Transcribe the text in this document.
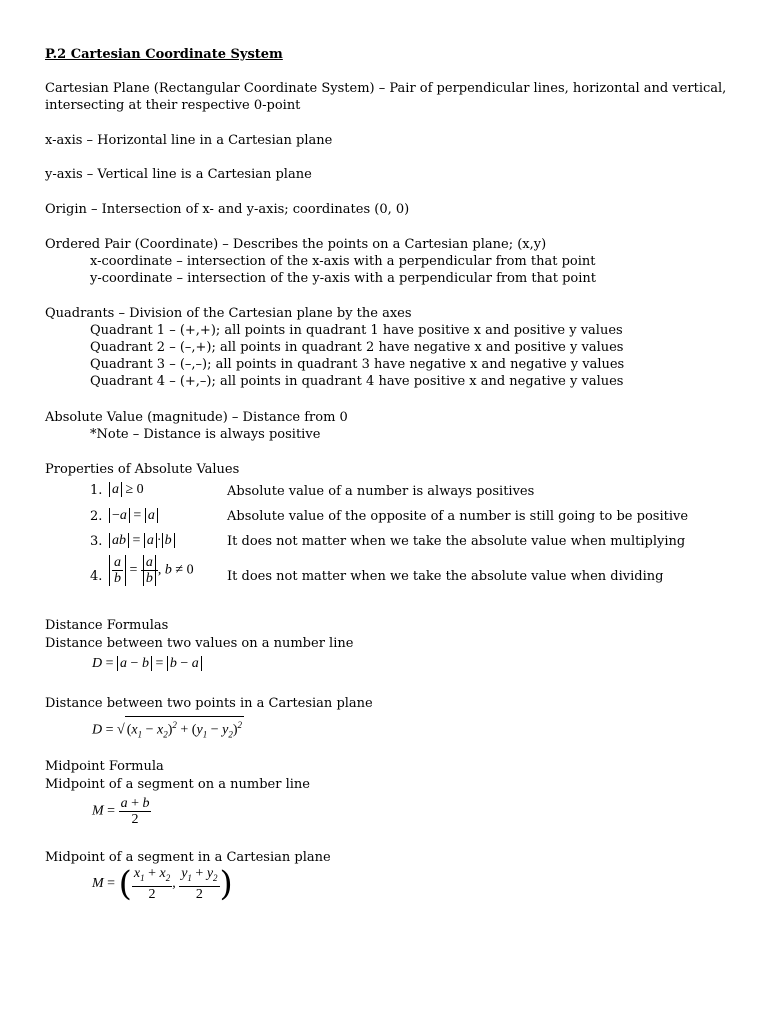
P.2 Cartesian Coordinate System
Cartesian Plane (Rectangular Coordinate System) – Pair of perpendicular lines, horizontal and vertical,
intersecting at their respective 0-point
x-axis – Horizontal line in a Cartesian plane
y-axis – Vertical line is a Cartesian plane
Origin – Intersection of x- and y-axis; coordinates (0, 0)
Ordered Pair (Coordinate) – Describes the points on a Cartesian plane; (x,y)
x-coordinate – intersection of the x-axis with a perpendicular from that point
y-coordinate – intersection of the y-axis with a perpendicular from that point
Quadrants – Division of the Cartesian plane by the axes
Quadrant 1 – (+,+); all points in quadrant 1 have positive x and positive y values
Quadrant 2 – (–,+); all points in quadrant 2 have negative x and positive y values
Quadrant 3 – (–,–); all points in quadrant 3 have negative x and negative y values
Quadrant 4 – (+,–); all points in quadrant 4 have positive x and negative y values
Absolute Value (magnitude) – Distance from 0
*Note – Distance is always positive
Properties of Absolute Values
1. a ≥ 0	Absolute value of a number is always positives
2. −a = a	Absolute value of the opposite of a number is still going to be positive
3. ab = a · b	It does not matter when we take the absolute value when multiplying
4. $\frac{a}{b} = \frac{a}{b}$ , b ≠ 0	It does not matter when we take the absolute value when dividing
Distance Formulas
Distance between two values on a number line
D = a − b = b − a
Distance between two points in a Cartesian plane
D = √ $(x_1 - x_2)^2 + (y_1 - y_2)^2$
Midpoint Formula
Midpoint of a segment on a number line
$M = \frac{a + b}{2}$
Midpoint of a segment in a Cartesian plane
M = ( $\frac{x_1 + x_2}{2}$ , $\frac{y_1 + y_2}{2}$ )
